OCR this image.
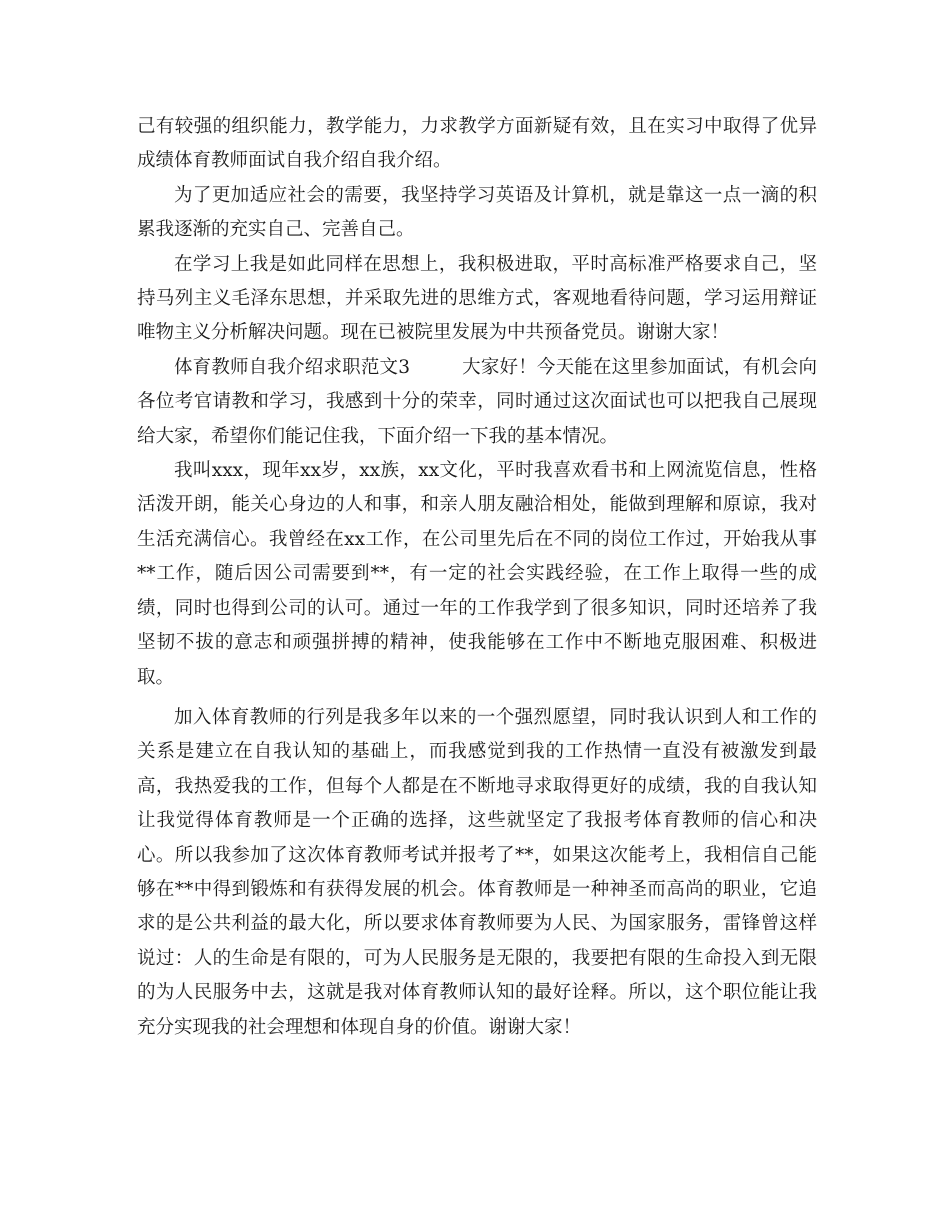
己有较强的组织能力，教学能力，力求教学方面新疑有效，且在实习中取得了优异成绩体育教师面试自我介绍自我介绍。

为了更加适应社会的需要，我坚持学习英语及计算机，就是靠这一点一滴的积累我逐渐的充实自己、完善自己。

在学习上我是如此同样在思想上，我积极进取，平时高标准严格要求自己，坚持马列主义毛泽东思想，并采取先进的思维方式，客观地看待问题，学习运用辩证唯物主义分析解决问题。现在已被院里发展为中共预备党员。谢谢大家！

体育教师自我介绍求职范文3	大家好！今天能在这里参加面试，有机会向各位考官请教和学习，我感到十分的荣幸，同时通过这次面试也可以把我自己展现给大家，希望你们能记住我，下面介绍一下我的基本情况。

我叫xxx，现年xx岁，xx族，xx文化，平时我喜欢看书和上网流览信息，性格活泼开朗，能关心身边的人和事，和亲人朋友融洽相处，能做到理解和原谅，我对生活充满信心。我曾经在xx工作，在公司里先后在不同的岗位工作过，开始我从事**工作，随后因公司需要到**，有一定的社会实践经验，在工作上取得一些的成绩，同时也得到公司的认可。通过一年的工作我学到了很多知识，同时还培养了我坚韧不拔的意志和顽强拼搏的精神，使我能够在工作中不断地克服困难、积极进取。

加入体育教师的行列是我多年以来的一个强烈愿望，同时我认识到人和工作的关系是建立在自我认知的基础上，而我感觉到我的工作热情一直没有被激发到最高，我热爱我的工作，但每个人都是在不断地寻求取得更好的成绩，我的自我认知让我觉得体育教师是一个正确的选择，这些就坚定了我报考体育教师的信心和决心。所以我参加了这次体育教师考试并报考了**，如果这次能考上，我相信自己能够在**中得到锻炼和有获得发展的机会。体育教师是一种神圣而高尚的职业，它追求的是公共利益的最大化，所以要求体育教师要为人民、为国家服务，雷锋曾这样说过：人的生命是有限的，可为人民服务是无限的，我要把有限的生命投入到无限的为人民服务中去，这就是我对体育教师认知的最好诠释。所以，这个职位能让我充分实现我的社会理想和体现自身的价值。谢谢大家！
